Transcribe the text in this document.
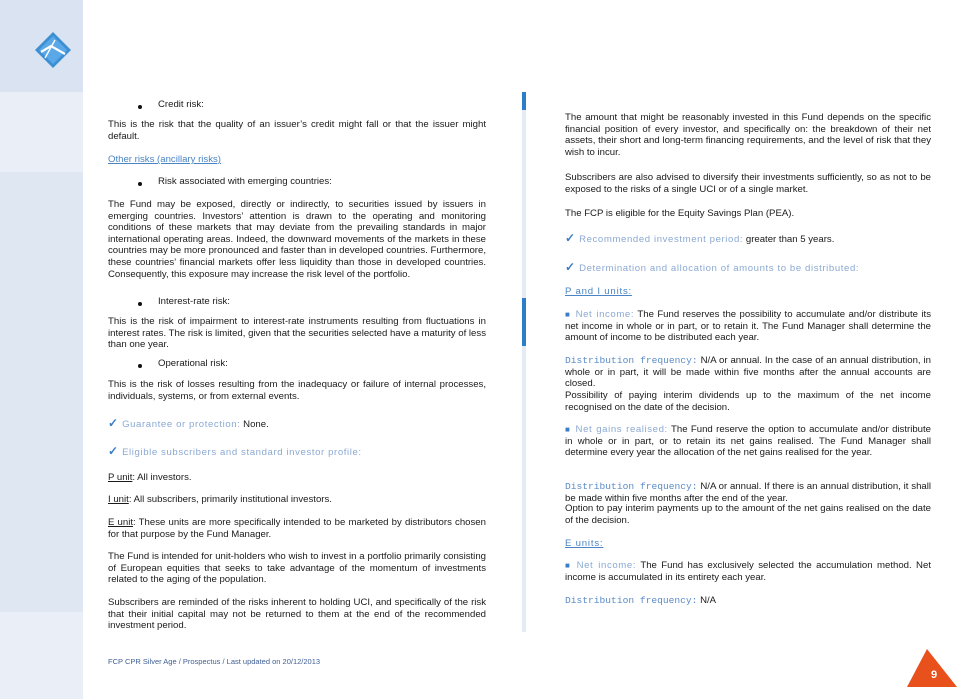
Credit risk:

This is the risk that the quality of an issuer’s credit might fall or that the issuer might default.

Other risks (ancillary risks)

Risk associated with emerging countries:

The Fund may be exposed, directly or indirectly, to securities issued by issuers in emerging countries. Investors’ attention is drawn to the operating and monitoring conditions of these markets that may deviate from the prevailing standards in major international operating areas. Indeed, the downward movements of the markets in these countries may be more pronounced and faster than in developed countries. Furthermore, these countries’ financial markets offer less liquidity than those in developed countries. Consequently, this exposure may increase the risk level of the portfolio.

Interest-rate risk:

This is the risk of impairment to interest-rate instruments resulting from fluctuations in interest rates. The risk is limited, given that the securities selected have a maturity of less than one year.

Operational risk:

This is the risk of losses resulting from the inadequacy or failure of internal processes, individuals, systems, or from external events.

✓ Guarantee or protection: None.

✓ Eligible subscribers and standard investor profile:

P unit: All investors.

I unit: All subscribers, primarily institutional investors.

E unit: These units are more specifically intended to be marketed by distributors chosen for that purpose by the Fund Manager.

The Fund is intended for unit-holders who wish to invest in a portfolio primarily consisting of European equities that seeks to take advantage of the momentum of investments related to the aging of the population.

Subscribers are reminded of the risks inherent to holding UCI, and specifically of the risk that their initial capital may not be returned to them at the end of the recommended investment period.

The amount that might be reasonably invested in this Fund depends on the specific financial position of every investor, and specifically on: the breakdown of their net assets, their short and long-term financing requirements, and the level of risk that they wish to incur.

Subscribers are also advised to diversify their investments sufficiently, so as not to be exposed to the risks of a single UCI or of a single market.

The FCP is eligible for the Equity Savings Plan (PEA).

✓ Recommended investment period: greater than 5 years.

✓ Determination and allocation of amounts to be distributed:

P and I units:

■ Net income: The Fund reserves the possibility to accumulate and/or distribute its net income in whole or in part, or to retain it. The Fund Manager shall determine the amount of income to be distributed each year.

Distribution frequency: N/A or annual. In the case of an annual distribution, in whole or in part, it will be made within five months after the annual accounts are closed.

Possibility of paying interim dividends up to the maximum of the net income recognised on the date of the decision.

■ Net gains realised: The Fund reserve the option to accumulate and/or distribute in whole or in part, or to retain its net gains realised. The Fund Manager shall determine every year the allocation of the net gains realised for the year.

Distribution frequency: N/A or annual. If there is an annual distribution, it shall be made within five months after the end of the year.

Option to pay interim payments up to the amount of the net gains realised on the date of the decision.

E units:

■ Net income: The Fund has exclusively selected the accumulation method. Net income is accumulated in its entirety each year.

Distribution frequency: N/A

FCP CPR Silver Age / Prospectus / Last updated on 20/12/2013
9
